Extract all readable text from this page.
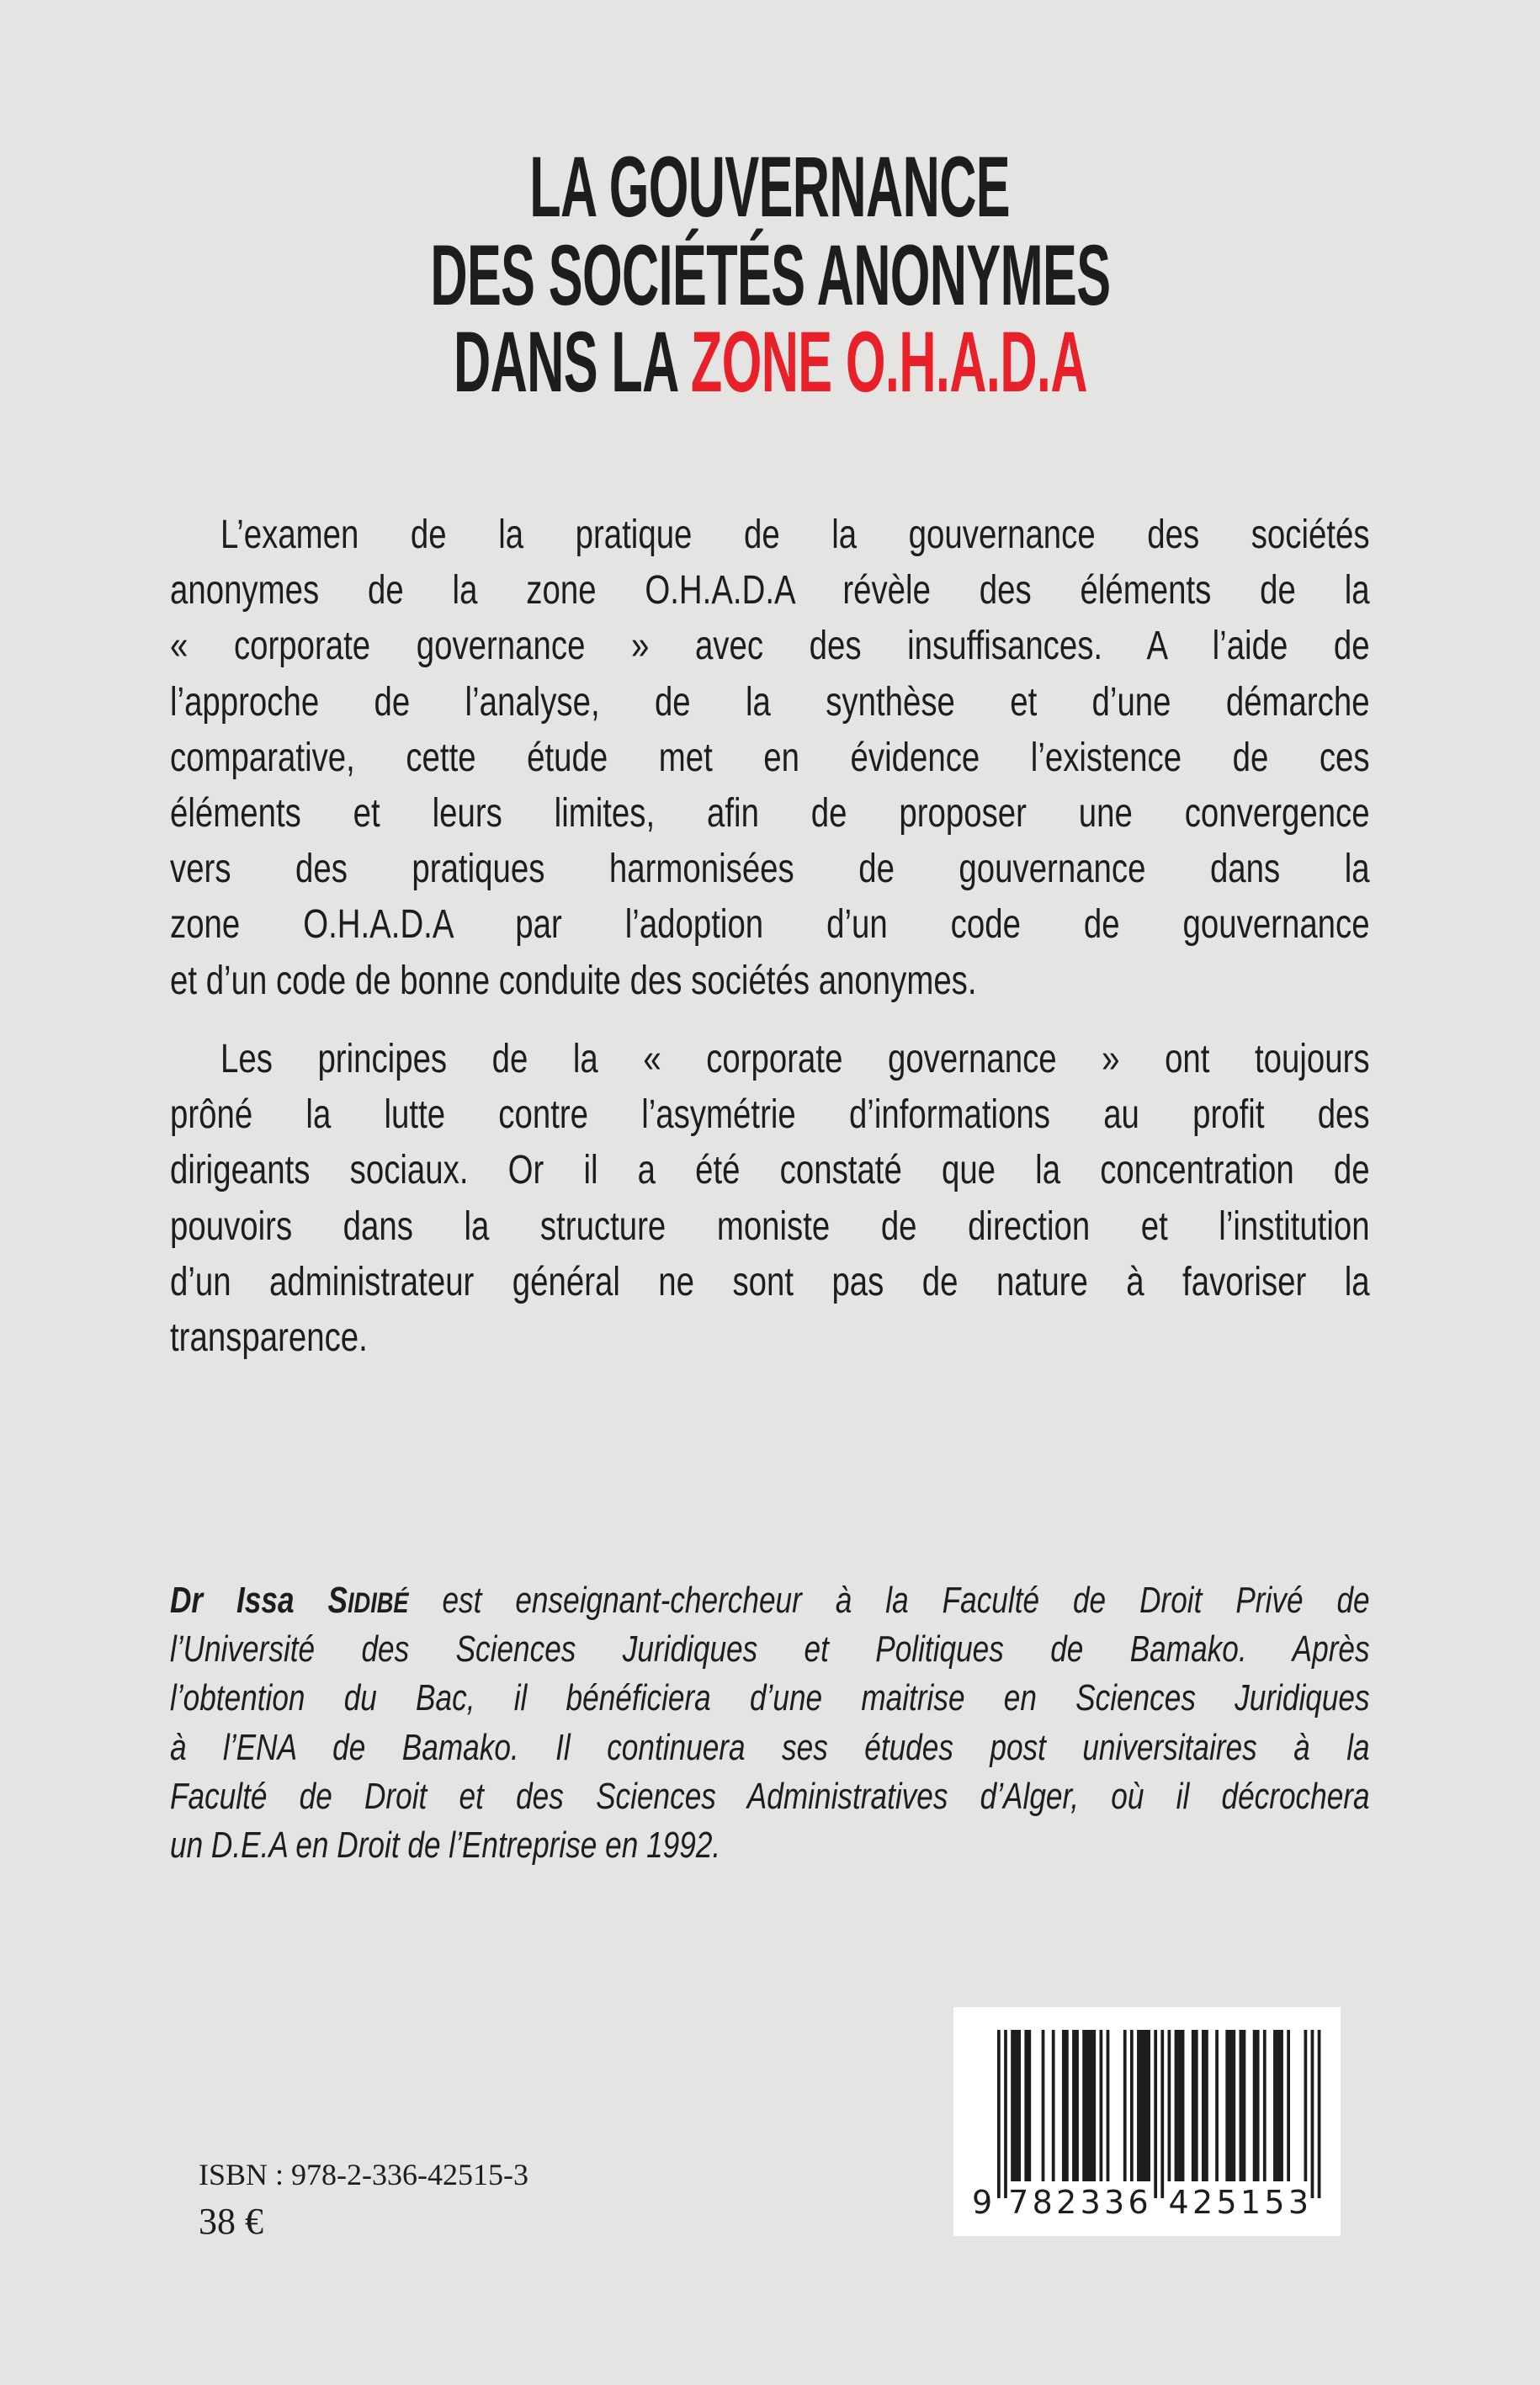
LA GOUVERNANCE
DES SOCIÉTÉS ANONYMES
DANS LA ZONE O.H.A.D.A
L’examen de la pratique de la gouvernance des sociétés
anonymes de la zone O.H.A.D.A révèle des éléments de la
« corporate governance » avec des insuffisances. A l’aide de
l’approche de l’analyse, de la synthèse et d’une démarche
comparative, cette étude met en évidence l’existence de ces
éléments et leurs limites, afin de proposer une convergence
vers des pratiques harmonisées de gouvernance dans la
zone O.H.A.D.A par l’adoption d’un code de gouvernance
et d’un code de bonne conduite des sociétés anonymes.
Les principes de la « corporate governance » ont toujours
prôné la lutte contre l’asymétrie d’informations au profit des
dirigeants sociaux. Or il a été constaté que la concentration de
pouvoirs dans la structure moniste de direction et l’institution
d’un administrateur général ne sont pas de nature à favoriser la
transparence.
Dr Issa SIDIBÉ est enseignant-chercheur à la Faculté de Droit Privé de
l’Université des Sciences Juridiques et Politiques de Bamako. Après
l’obtention du Bac, il bénéficiera d’une maitrise en Sciences Juridiques
à l’ENA de Bamako. Il continuera ses études post universitaires à la
Faculté de Droit et des Sciences Administratives d’Alger, où il décrochera
un D.E.A en Droit de l’Entreprise en 1992.
ISBN : 978-2-336-42515-3
38 €	9 782336 425153
